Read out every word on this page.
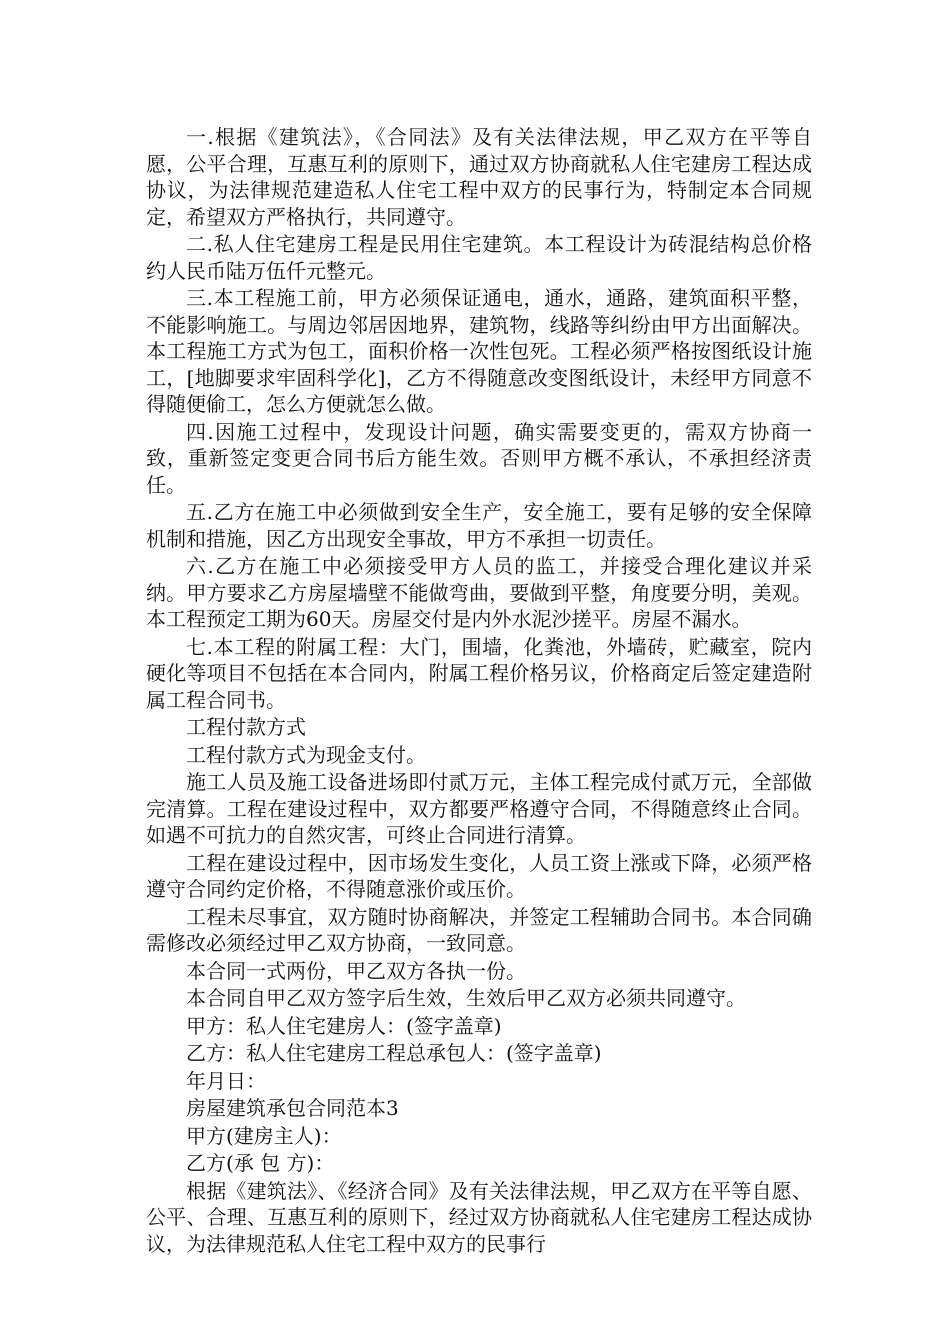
一.根据《建筑法》，《合同法》及有关法律法规，甲乙双方在平等自愿，公平合理，互惠互利的原则下，通过双方协商就私人住宅建房工程达成协议，为法律规范建造私人住宅工程中双方的民事行为，特制定本合同规定，希望双方严格执行，共同遵守。

二.私人住宅建房工程是民用住宅建筑。本工程设计为砖混结构总价格约人民币陆万伍仟元整元。

三.本工程施工前，甲方必须保证通电，通水，通路，建筑面积平整，不能影响施工。与周边邻居因地界，建筑物，线路等纠纷由甲方出面解决。本工程施工方式为包工，面积价格一次性包死。工程必须严格按图纸设计施工，[地脚要求牢固科学化]，乙方不得随意改变图纸设计，未经甲方同意不得随便偷工，怎么方便就怎么做。

四.因施工过程中，发现设计问题，确实需要变更的，需双方协商一致，重新签定变更合同书后方能生效。否则甲方概不承认，不承担经济责任。

五.乙方在施工中必须做到安全生产，安全施工，要有足够的安全保障机制和措施，因乙方出现安全事故，甲方不承担一切责任。

六.乙方在施工中必须接受甲方人员的监工，并接受合理化建议并采纳。甲方要求乙方房屋墙壁不能做弯曲，要做到平整，角度要分明，美观。本工程预定工期为60天。房屋交付是内外水泥沙搓平。房屋不漏水。

七.本工程的附属工程：大门，围墙，化粪池，外墙砖，贮藏室，院内硬化等项目不包括在本合同内，附属工程价格另议，价格商定后签定建造附属工程合同书。

工程付款方式

工程付款方式为现金支付。

施工人员及施工设备进场即付贰万元，主体工程完成付贰万元，全部做完清算。工程在建设过程中，双方都要严格遵守合同，不得随意终止合同。如遇不可抗力的自然灾害，可终止合同进行清算。

工程在建设过程中，因市场发生变化，人员工资上涨或下降，必须严格遵守合同约定价格，不得随意涨价或压价。

工程未尽事宜，双方随时协商解决，并签定工程辅助合同书。本合同确需修改必须经过甲乙双方协商，一致同意。

本合同一式两份，甲乙双方各执一份。

本合同自甲乙双方签字后生效，生效后甲乙双方必须共同遵守。

甲方：私人住宅建房人：(签字盖章)

乙方：私人住宅建房工程总承包人：(签字盖章)

年月日：

房屋建筑承包合同范本3

甲方(建房主人)：

乙方(承 包 方)：

根据《建筑法》、《经济合同》及有关法律法规，甲乙双方在平等自愿、公平、合理、互惠互利的原则下，经过双方协商就私人住宅建房工程达成协议，为法律规范私人住宅工程中双方的民事行
